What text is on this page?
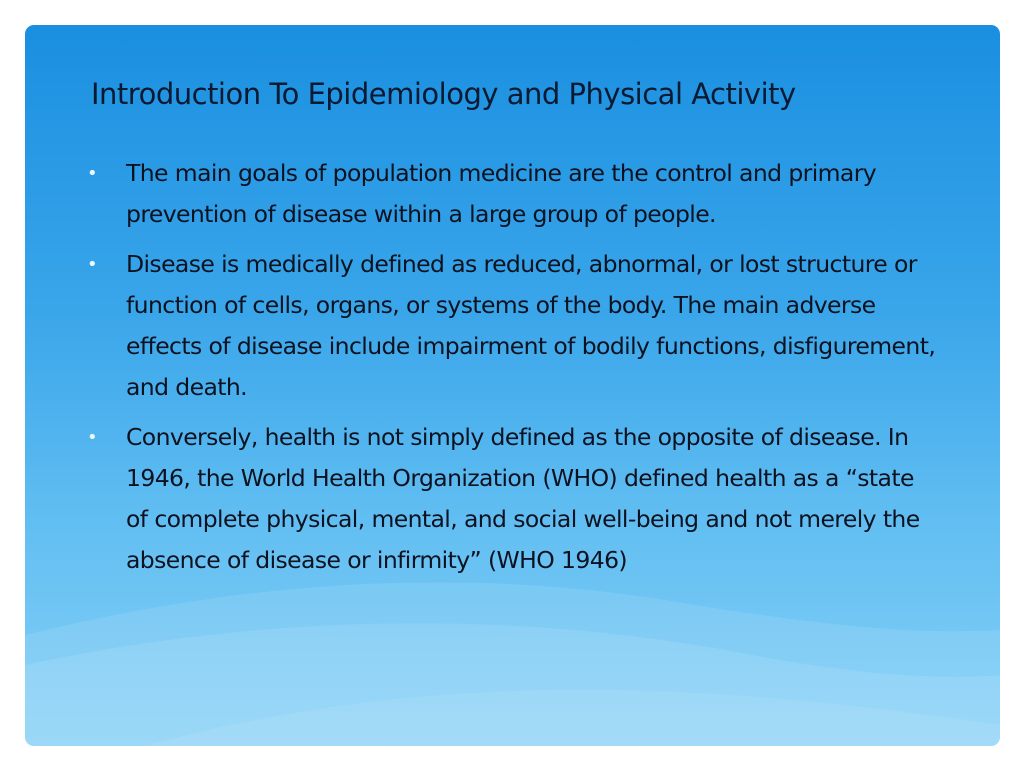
Introduction To Epidemiology and Physical Activity
• The main goals of population medicine are the control and primary prevention of disease within a large group of people.
• Disease is medically defined as reduced, abnormal, or lost structure or function of cells, organs, or systems of the body. The main adverse effects of disease include impairment of bodily functions, disfigurement, and death.
• Conversely, health is not simply defined as the opposite of disease. In 1946, the World Health Organization (WHO) defined health as a “state of complete physical, mental, and social well-being and not merely the absence of disease or infirmity” (WHO 1946)
